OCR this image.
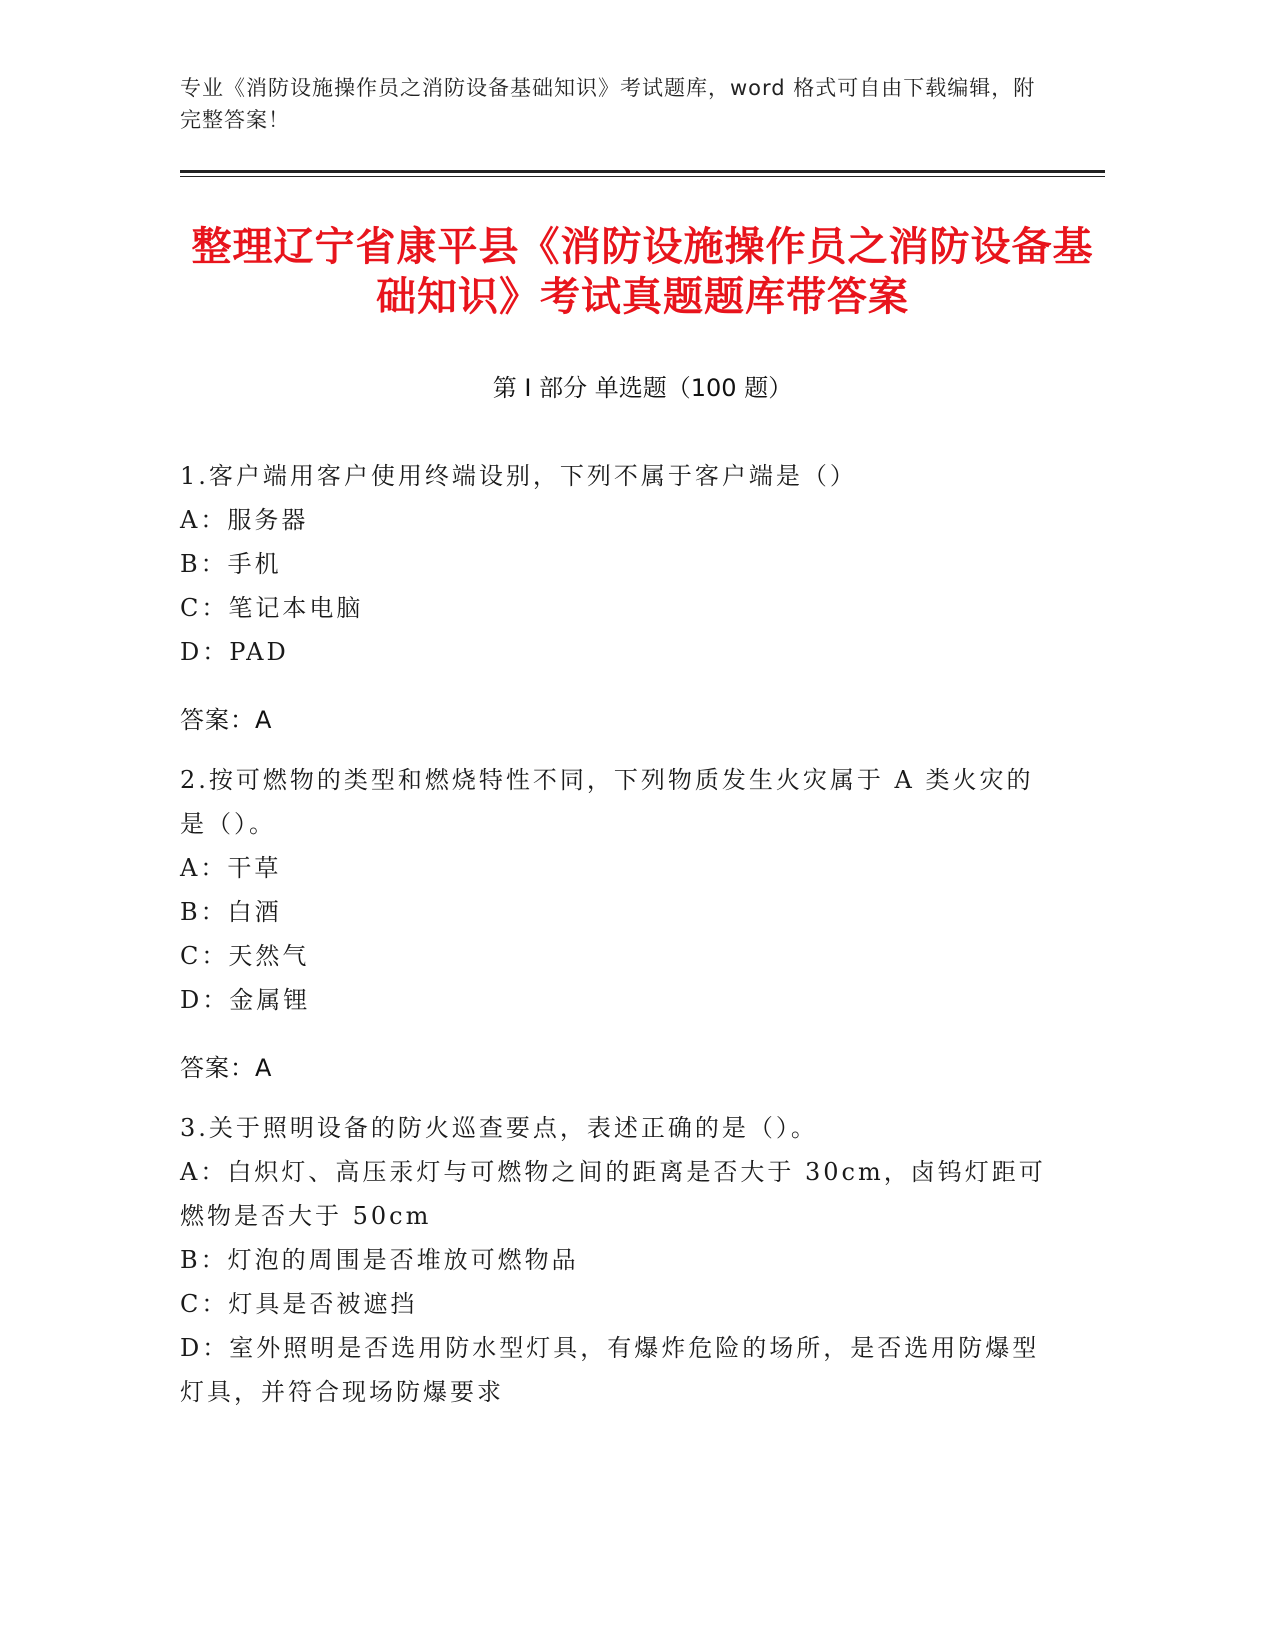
专业《消防设施操作员之消防设备基础知识》考试题库，word 格式可自由下载编辑，附完整答案！
整理辽宁省康平县《消防设施操作员之消防设备基础知识》考试真题题库带答案
第 I 部分 单选题（100 题）

1.客户端用客户使用终端设别，下列不属于客户端是（）

A：服务器

B：手机

C：笔记本电脑

D：PAD

答案：A

2.按可燃物的类型和燃烧特性不同，下列物质发生火灾属于 A 类火灾的是（）。

A：干草

B：白酒

C：天然气

D：金属锂

答案：A

3.关于照明设备的防火巡查要点，表述正确的是（）。

A：白炽灯、高压汞灯与可燃物之间的距离是否大于 30cm，卤钨灯距可燃物是否大于 50cm

B：灯泡的周围是否堆放可燃物品

C：灯具是否被遮挡

D：室外照明是否选用防水型灯具，有爆炸危险的场所，是否选用防爆型灯具，并符合现场防爆要求
